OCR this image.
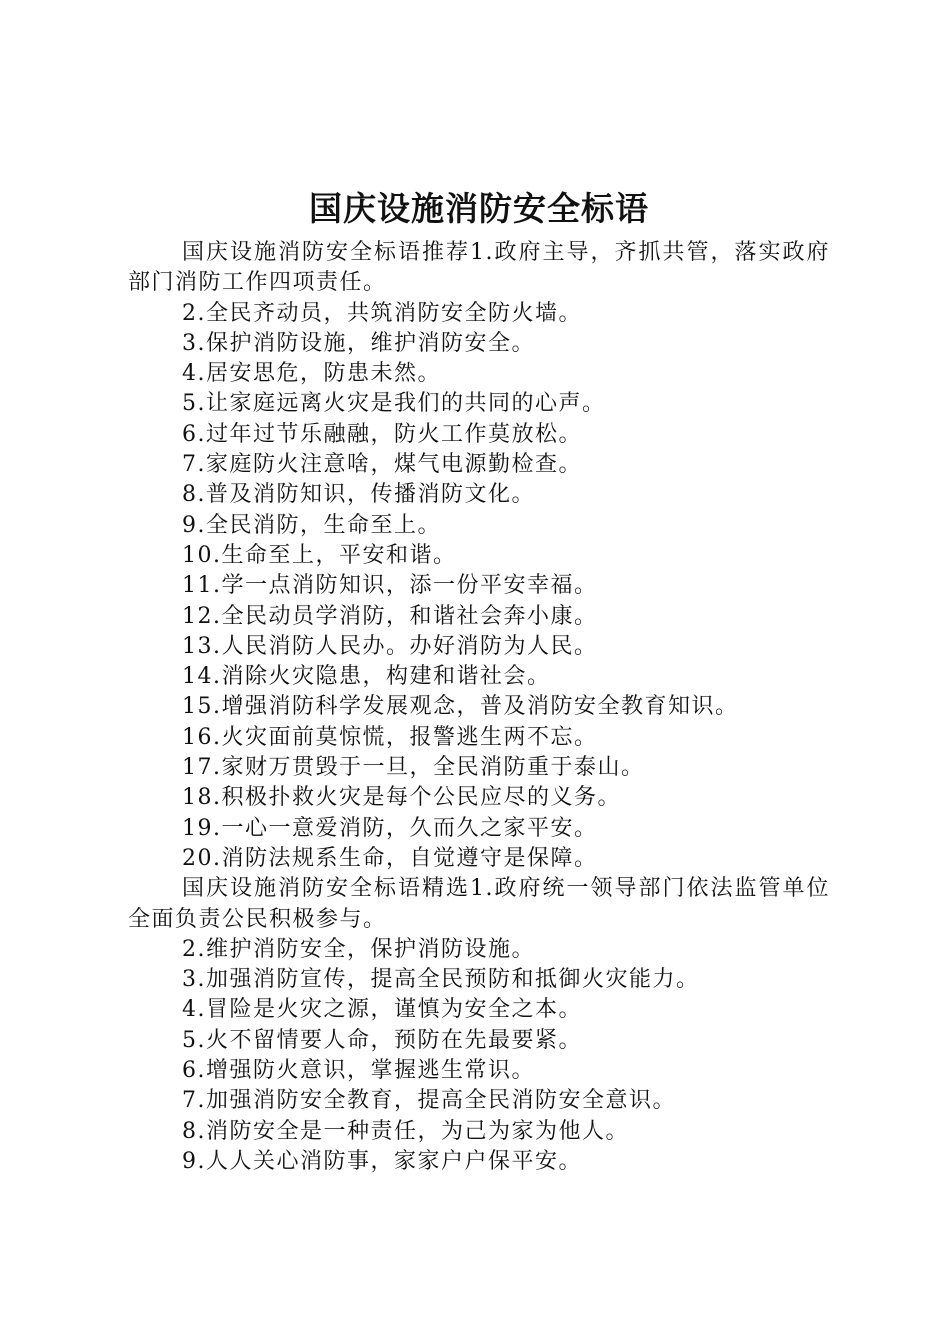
国庆设施消防安全标语

国庆设施消防安全标语推荐1.政府主导，齐抓共管，落实政府部门消防工作四项责任。

2.全民齐动员，共筑消防安全防火墙。

3.保护消防设施，维护消防安全。

4.居安思危，防患未然。

5.让家庭远离火灾是我们的共同的心声。

6.过年过节乐融融，防火工作莫放松。

7.家庭防火注意啥，煤气电源勤检查。

8.普及消防知识，传播消防文化。

9.全民消防，生命至上。

10.生命至上，平安和谐。

11.学一点消防知识，添一份平安幸福。

12.全民动员学消防，和谐社会奔小康。

13.人民消防人民办。办好消防为人民。

14.消除火灾隐患，构建和谐社会。

15.增强消防科学发展观念，普及消防安全教育知识。

16.火灾面前莫惊慌，报警逃生两不忘。

17.家财万贯毁于一旦，全民消防重于泰山。

18.积极扑救火灾是每个公民应尽的义务。

19.一心一意爱消防，久而久之家平安。

20.消防法规系生命，自觉遵守是保障。

国庆设施消防安全标语精选1.政府统一领导部门依法监管单位全面负责公民积极参与。

2.维护消防安全，保护消防设施。

3.加强消防宣传，提高全民预防和抵御火灾能力。

4.冒险是火灾之源，谨慎为安全之本。

5.火不留情要人命，预防在先最要紧。

6.增强防火意识，掌握逃生常识。

7.加强消防安全教育，提高全民消防安全意识。

8.消防安全是一种责任，为己为家为他人。

9.人人关心消防事，家家户户保平安。
